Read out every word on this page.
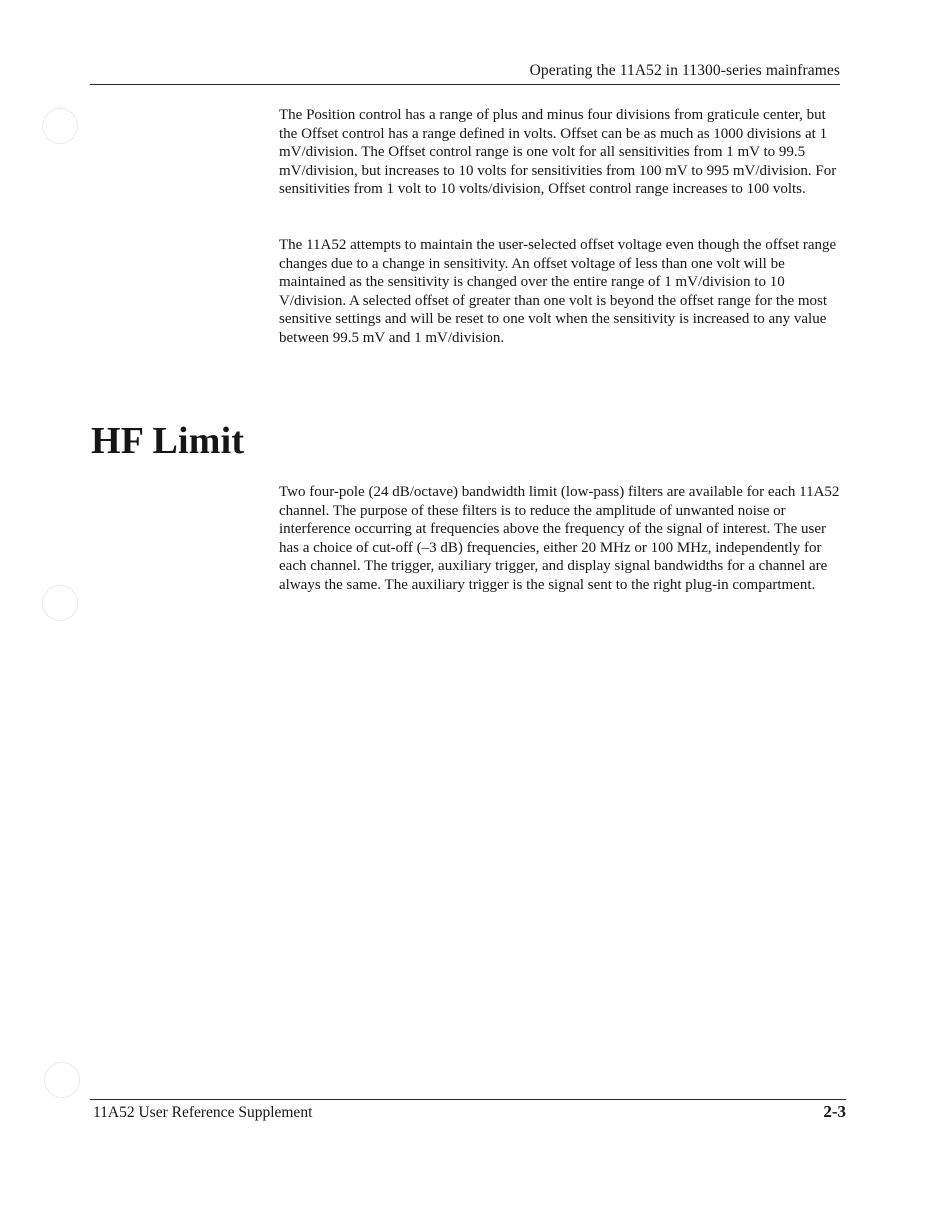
Operating the 11A52 in 11300-series mainframes

The Position control has a range of plus and minus four divisions from graticule center, but the Offset control has a range defined in volts. Offset can be as much as 1000 divisions at 1 mV/division. The Offset control range is one volt for all sensitivities from 1 mV to 99.5 mV/division, but increases to 10 volts for sensitivities from 100 mV to 995 mV/division. For sensitivities from 1 volt to 10 volts/division, Offset control range increases to 100 volts.

The 11A52 attempts to maintain the user-selected offset voltage even though the offset range changes due to a change in sensitivity. An offset voltage of less than one volt will be maintained as the sensitivity is changed over the entire range of 1 mV/division to 10 V/division. A selected offset of greater than one volt is beyond the offset range for the most sensitive settings and will be reset to one volt when the sensitivity is increased to any value between 99.5 mV and 1 mV/division.

HF Limit

Two four-pole (24 dB/octave) bandwidth limit (low-pass) filters are available for each 11A52 channel. The purpose of these filters is to reduce the amplitude of unwanted noise or interference occurring at frequencies above the frequency of the signal of interest. The user has a choice of cut-off (–3 dB) frequencies, either 20 MHz or 100 MHz, independently for each channel. The trigger, auxiliary trigger, and display signal bandwidths for a channel are always the same. The auxiliary trigger is the signal sent to the right plug-in compartment.

11A52 User Reference Supplement	2-3
